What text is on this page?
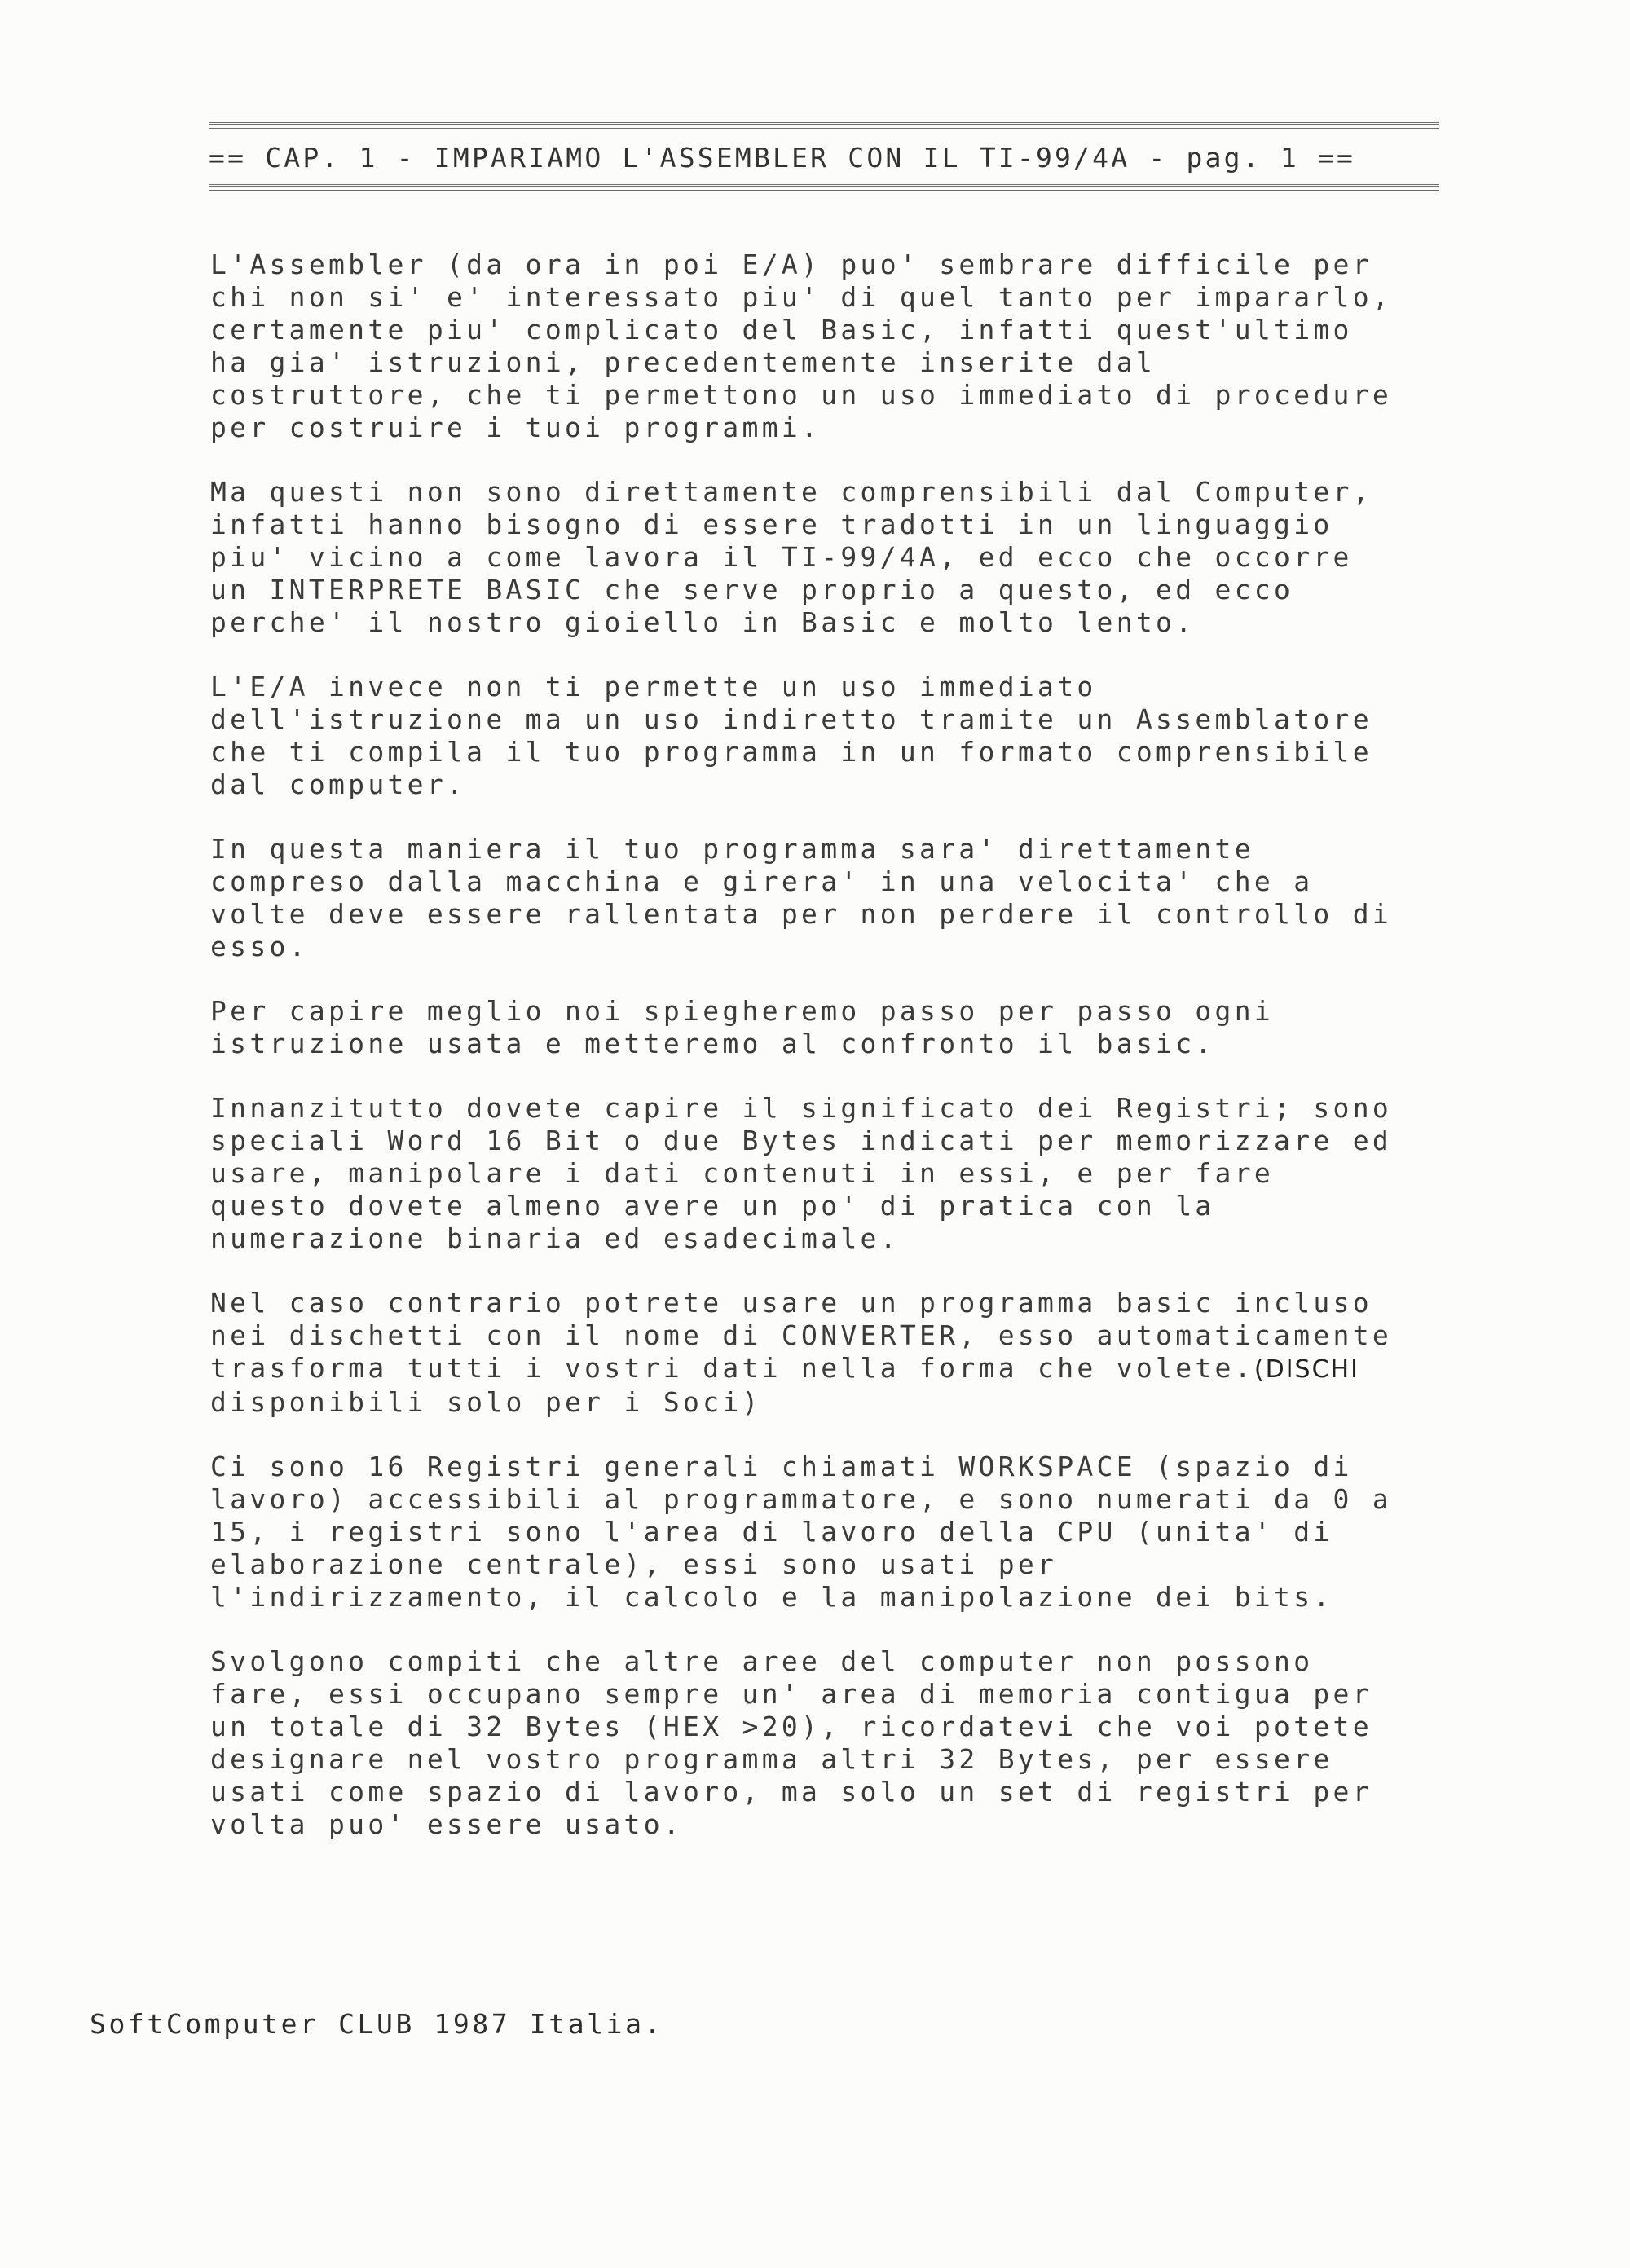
== CAP. 1 - IMPARIAMO L'ASSEMBLER CON IL TI-99/4A - pag. 1 ==
L'Assembler (da ora in poi E/A) puo' sembrare difficile per
chi non si' e' interessato piu' di quel tanto per impararlo,
certamente piu' complicato del Basic, infatti quest'ultimo
ha gia' istruzioni, precedentemente inserite dal
costruttore, che ti permettono un uso immediato di procedure
per costruire i tuoi programmi.
Ma questi non sono direttamente comprensibili dal Computer,
infatti hanno bisogno di essere tradotti in un linguaggio
piu' vicino a come lavora il TI-99/4A, ed ecco che occorre
un INTERPRETE BASIC che serve proprio a questo, ed ecco
perche' il nostro gioiello in Basic e molto lento.
L'E/A invece non ti permette un uso immediato
dell'istruzione ma un uso indiretto tramite un Assemblatore
che ti compila il tuo programma in un formato comprensibile
dal computer.
In questa maniera il tuo programma sara' direttamente
compreso dalla macchina e girera' in una velocita' che a
volte deve essere rallentata per non perdere il controllo di
esso.
Per capire meglio noi spiegheremo passo per passo ogni
istruzione usata e metteremo al confronto il basic.
Innanzitutto dovete capire il significato dei Registri; sono
speciali Word 16 Bit o due Bytes indicati per memorizzare ed
usare, manipolare i dati contenuti in essi, e per fare
questo dovete almeno avere un po' di pratica con la
numerazione binaria ed esadecimale.
Nel caso contrario potrete usare un programma basic incluso
nei dischetti con il nome di CONVERTER, esso automaticamente
trasforma tutti i vostri dati nella forma che volete.(DISCHI
disponibili solo per i Soci)
Ci sono 16 Registri generali chiamati WORKSPACE (spazio di
lavoro) accessibili al programmatore, e sono numerati da 0 a
15, i registri sono l'area di lavoro della CPU (unita' di
elaborazione centrale), essi sono usati per
l'indirizzamento, il calcolo e la manipolazione dei bits.
Svolgono compiti che altre aree del computer non possono
fare, essi occupano sempre un' area di memoria contigua per
un totale di 32 Bytes (HEX >20), ricordatevi che voi potete
designare nel vostro programma altri 32 Bytes, per essere
usati come spazio di lavoro, ma solo un set di registri per
volta puo' essere usato.
SoftComputer CLUB 1987 Italia.
